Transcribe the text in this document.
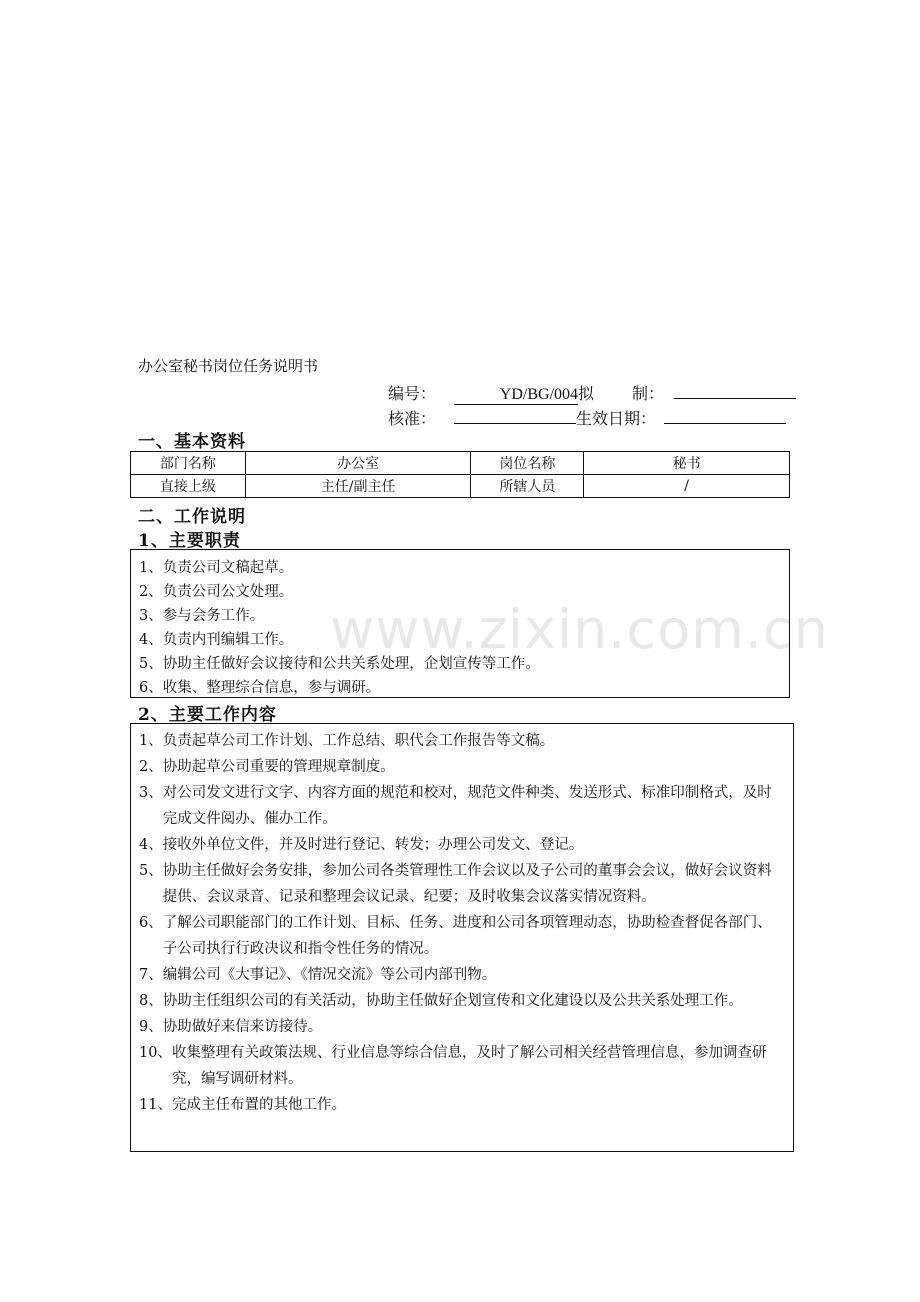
办公室秘书岗位任务说明书
编号：	YD/BG/004 拟 制：
核准：	生效日期：
一、基本资料
部门名称	办公室	岗位名称	秘书
直接上级	主任/副主任	所辖人员	/
二、工作说明
1、主要职责
1、负责公司文稿起草。
2、负责公司公文处理。
3、参与会务工作。
4、负责内刊编辑工作。
5、协助主任做好会议接待和公共关系处理，企划宣传等工作。
6、收集、整理综合信息，参与调研。
2、主要工作内容
1、 负责起草公司工作计划、工作总结、职代会工作报告等文稿。
2、 协助起草公司重要的管理规章制度。
3、 对公司发文进行文字、内容方面的规范和校对，规范文件种类、发送形式、标准印制格式，及时完成文件阅办、催办工作。
4、 接收外单位文件，并及时进行登记、转发；办理公司发文、登记。
5、 协助主任做好会务安排，参加公司各类管理性工作会议以及子公司的董事会会议，做好会议资料提供、会议录音、记录和整理会议记录、纪要；及时收集会议落实情况资料。
6、 了解公司职能部门的工作计划、目标、任务、进度和公司各项管理动态，协助检查督促各部门、子公司执行行政决议和指令性任务的情况。
7、 编辑公司《大事记》、《情况交流》等公司内部刊物。
8、 协助主任组织公司的有关活动，协助主任做好企划宣传和文化建设以及公共关系处理工作。
9、 协助做好来信来访接待。
10、 收集整理有关政策法规、行业信息等综合信息，及时了解公司相关经营管理信息，参加调查研究，编写调研材料。
11、 完成主任布置的其他工作。
www.zixin.com.cn
